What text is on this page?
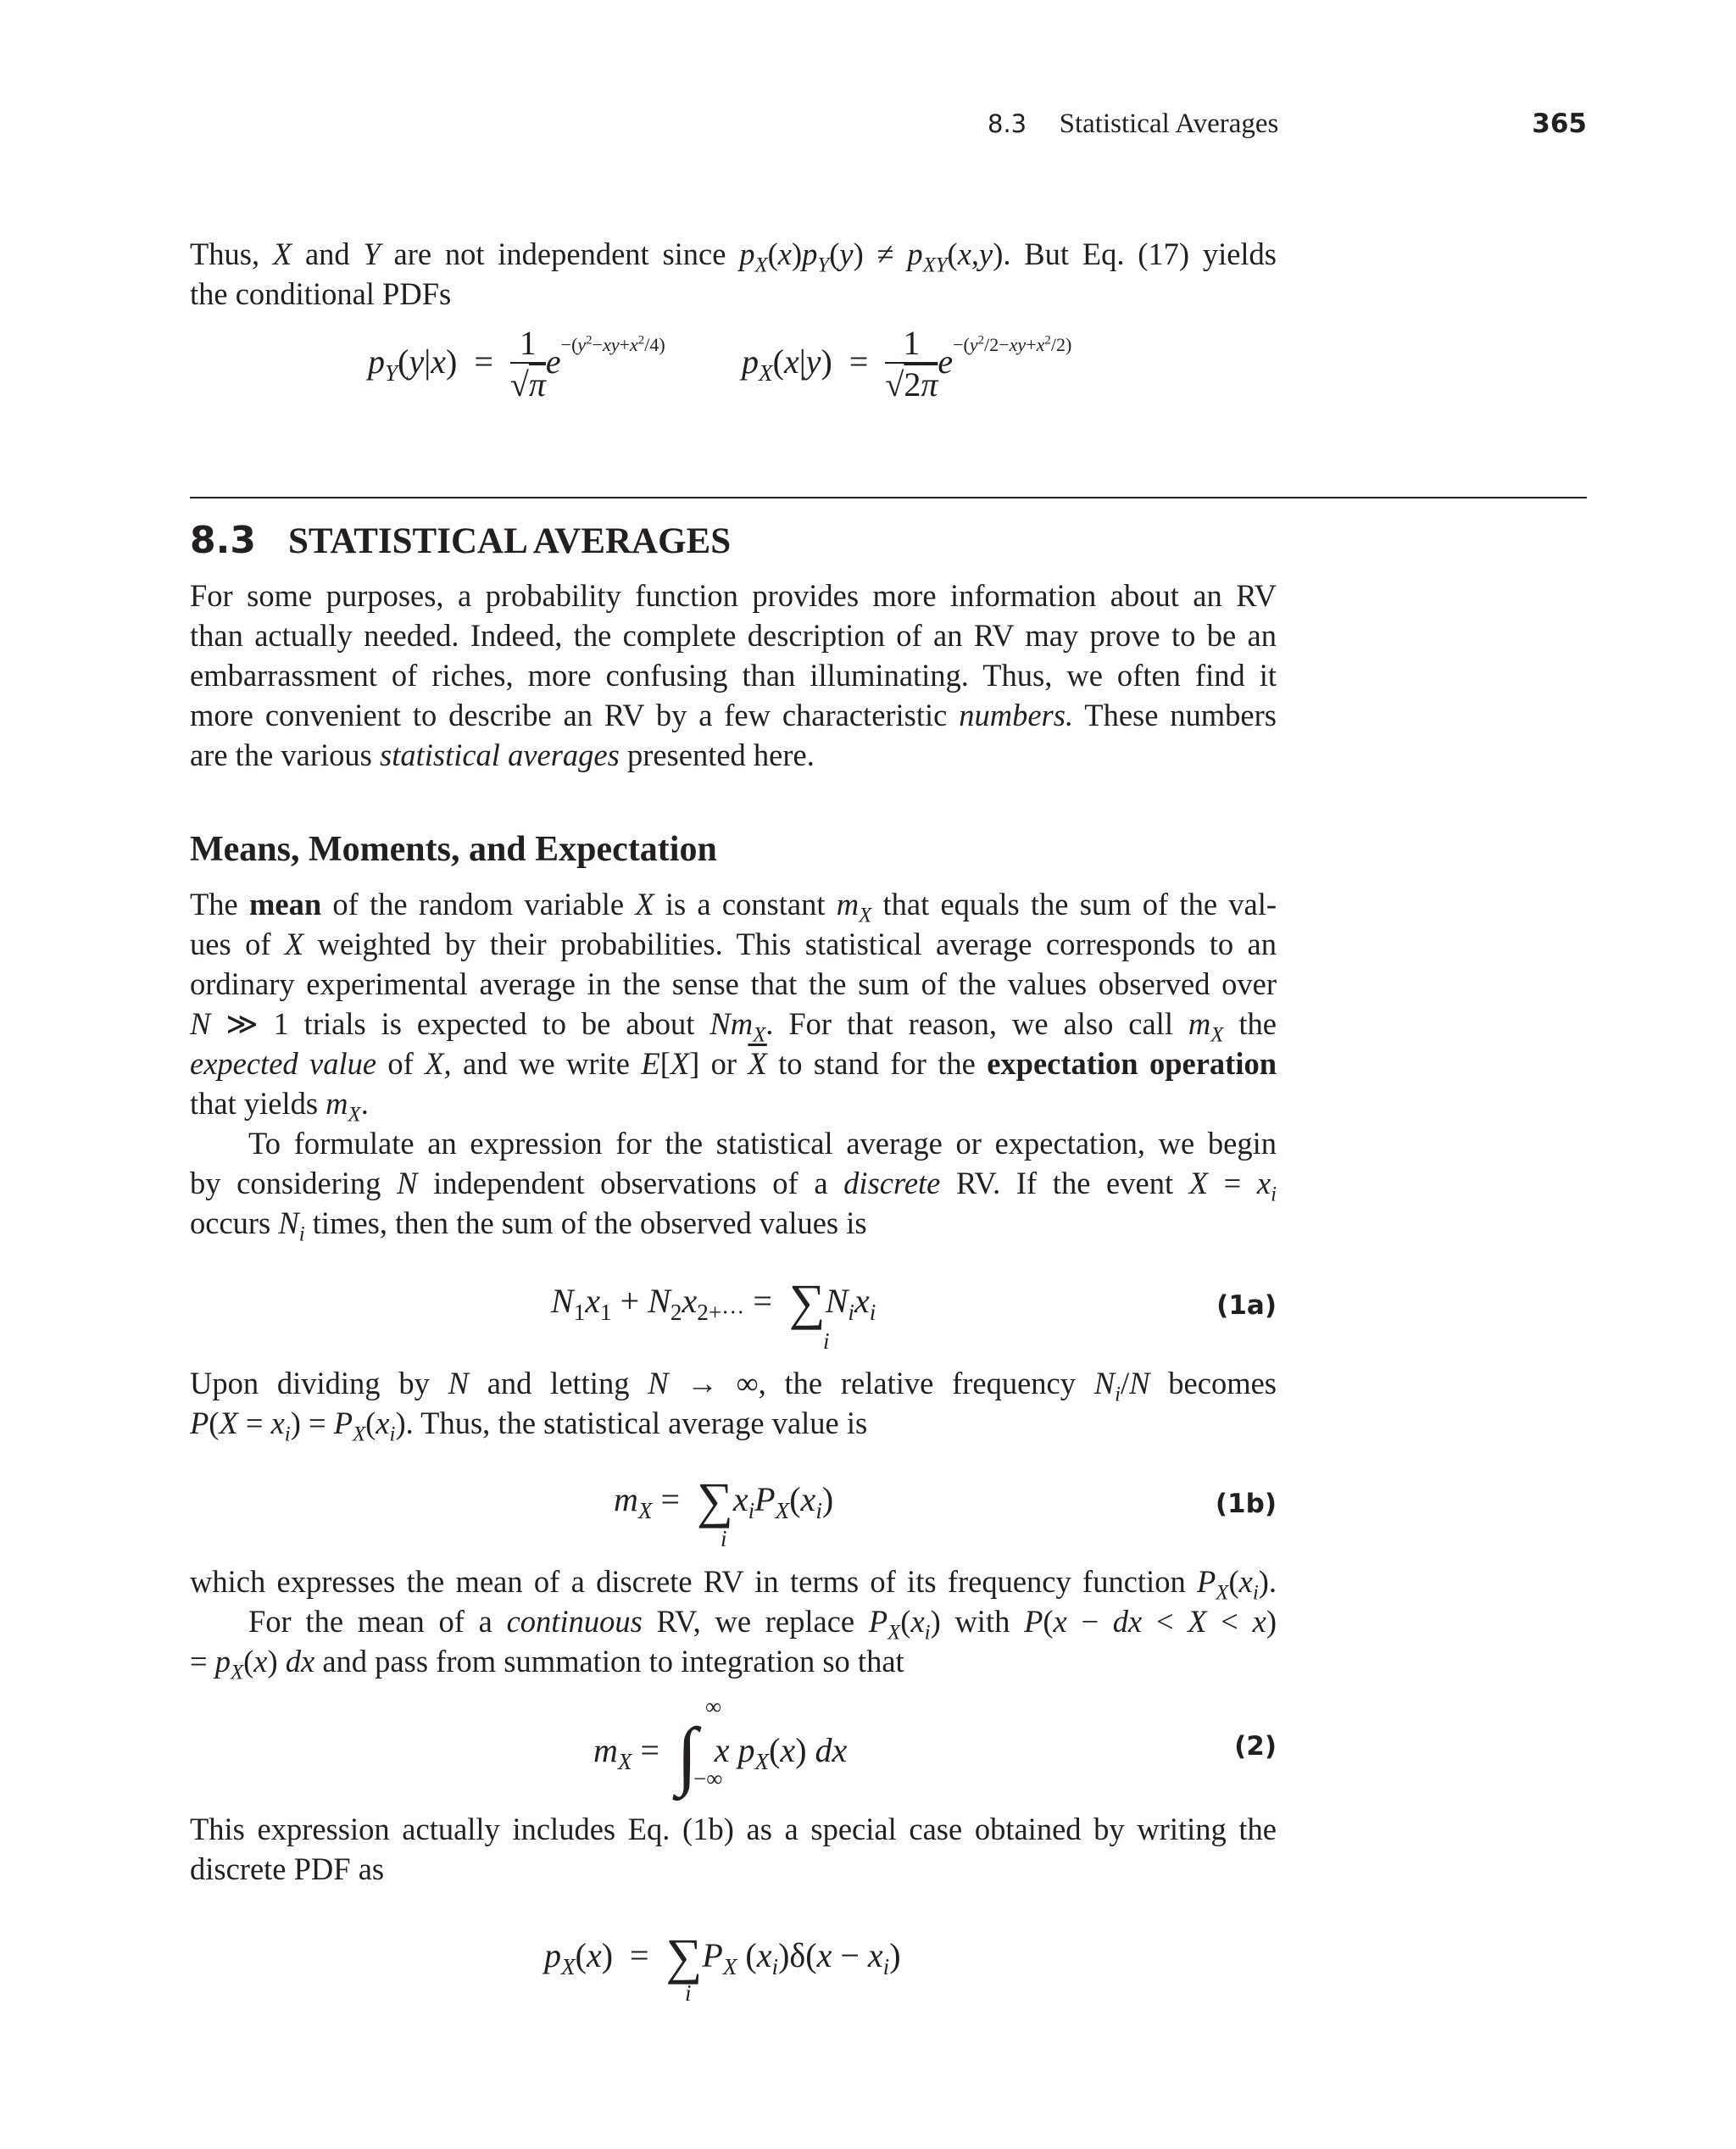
8.3 Statistical Averages	365
Thus, X and Y are not independent since $p_X(x)p_Y(y) \ne p_{XY}(x,y)$. But Eq. (17) yields
the conditional PDFs
$p_Y(y|x) = \frac{1}{√\pi} e^{-(y^2-xy+x^2/4)}$ $p_X(x|y) = \frac{1}{√2\pi} e^{-(y^2/2-xy+x^2/2)}$
8.3 STATISTICAL AVERAGES
For some purposes, a probability function provides more information about an RV
than actually needed. Indeed, the complete description of an RV may prove to be an
embarrassment of riches, more confusing than illuminating. Thus, we often find it
more convenient to describe an RV by a few characteristic numbers. These numbers
are the various statistical averages presented here.
Means, Moments, and Expectation
The mean of the random variable X is a constant $m_X$ that equals the sum of the val-
ues of X weighted by their probabilities. This statistical average corresponds to an
ordinary experimental average in the sense that the sum of the values observed over
N ≫ 1 trials is expected to be about $Nm_X$. For that reason, we also call $m_X$ the
expected value of X, and we write E[X] or $\overline{X}$ to stand for the expectation operation
that yields $m_X$.
To formulate an expression for the statistical average or expectation, we begin
by considering N independent observations of a discrete RV. If the event $X = x_i$
occurs $N_i$ times, then the sum of the observed values is
$N_1x_1 + N_2x_{2+\cdot\cdot\cdot} = \sum N_ix_i$
i
(1a)
Upon dividing by N and letting N → ∞, the relative frequency $N_i/N$ becomes
$P(X = x_i) = P_X(x_i)$. Thus, the statistical average value is
$m_X = \sum x_iP_X(x_i)$
i
(1b)
which expresses the mean of a discrete RV in terms of its frequency function $P_X(x_i)$.
For the mean of a continuous RV, we replace $P_X(x_i)$ with P(x − dx < X < x)
= $p_X(x)$ dx and pass from summation to integration so that
$m_X$ =  ∫ x $p_X(x)$ dx
∞
−∞
(2)
This expression actually includes Eq. (1b) as a special case obtained by writing the
discrete PDF as
$p_X(x) = \sum P_X$ $(x_i)\delta(x - x_i)$
i
